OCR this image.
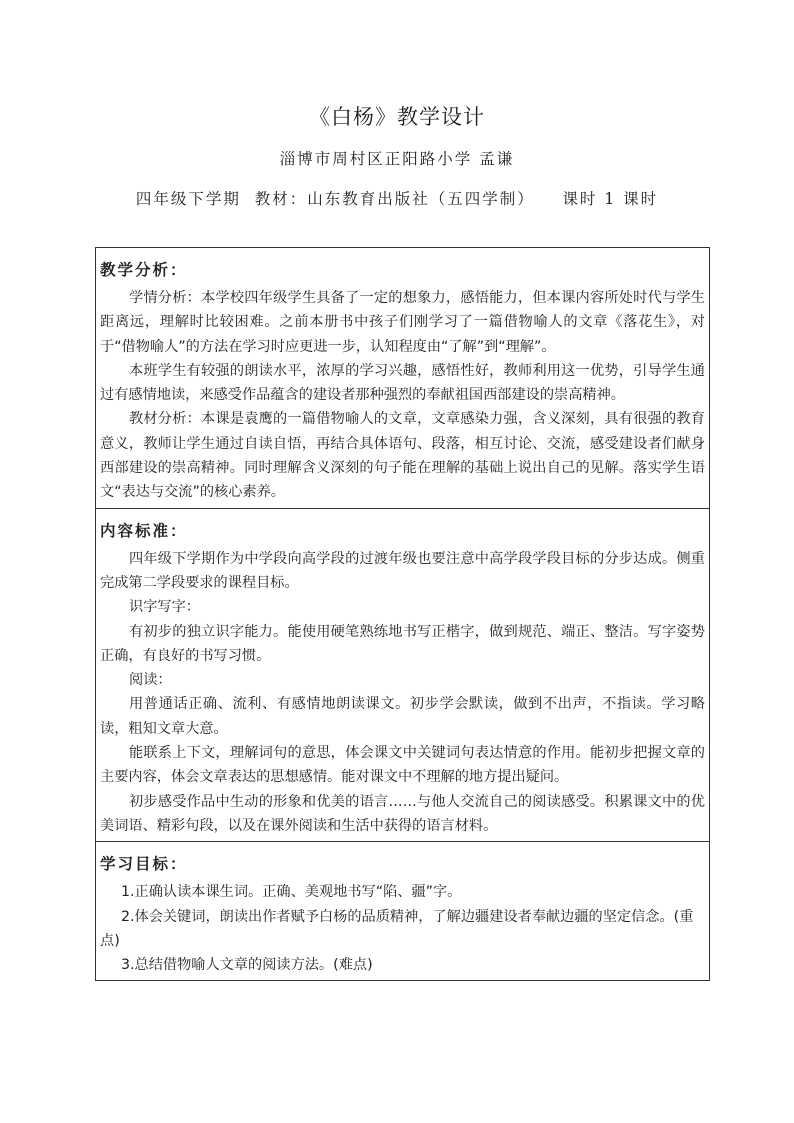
《白杨》教学设计
淄博市周村区正阳路小学 孟谦
四年级下学期  教材：山东教育出版社（五四学制）    课时 1 课时
教学分析：

学情分析：本学校四年级学生具备了一定的想象力，感悟能力，但本课内容所处时代与学生距离远，理解时比较困难。之前本册书中孩子们刚学习了一篇借物喻人的文章《落花生》，对于“借物喻人”的方法在学习时应更进一步，认知程度由“了解”到“理解”。

本班学生有较强的朗读水平，浓厚的学习兴趣，感悟性好，教师利用这一优势，引导学生通过有感情地读，来感受作品蕴含的建设者那种强烈的奉献祖国西部建设的崇高精神。

教材分析：本课是袁鹰的一篇借物喻人的文章，文章感染力强，含义深刻，具有很强的教育意义，教师让学生通过自读自悟，再结合具体语句、段落，相互讨论、交流，感受建设者们献身西部建设的崇高精神。同时理解含义深刻的句子能在理解的基础上说出自己的见解。落实学生语文“表达与交流”的核心素养。

内容标准：

四年级下学期作为中学段向高学段的过渡年级也要注意中高学段学段目标的分步达成。侧重完成第二学段要求的课程目标。

识字写字：

有初步的独立识字能力。能使用硬笔熟练地书写正楷字，做到规范、端正、整洁。写字姿势正确，有良好的书写习惯。

阅读：

用普通话正确、流利、有感情地朗读课文。初步学会默读，做到不出声，不指读。学习略读，粗知文章大意。

能联系上下文，理解词句的意思，体会课文中关键词句表达情意的作用。能初步把握文章的主要内容，体会文章表达的思想感情。能对课文中不理解的地方提出疑问。

初步感受作品中生动的形象和优美的语言……与他人交流自己的阅读感受。积累课文中的优美词语、精彩句段，以及在课外阅读和生活中获得的语言材料。

学习目标：

1.正确认读本课生词。正确、美观地书写“陷、疆”字。

2.体会关键词，朗读出作者赋予白杨的品质精神，了解边疆建设者奉献边疆的坚定信念。(重点)

3.总结借物喻人文章的阅读方法。(难点)
